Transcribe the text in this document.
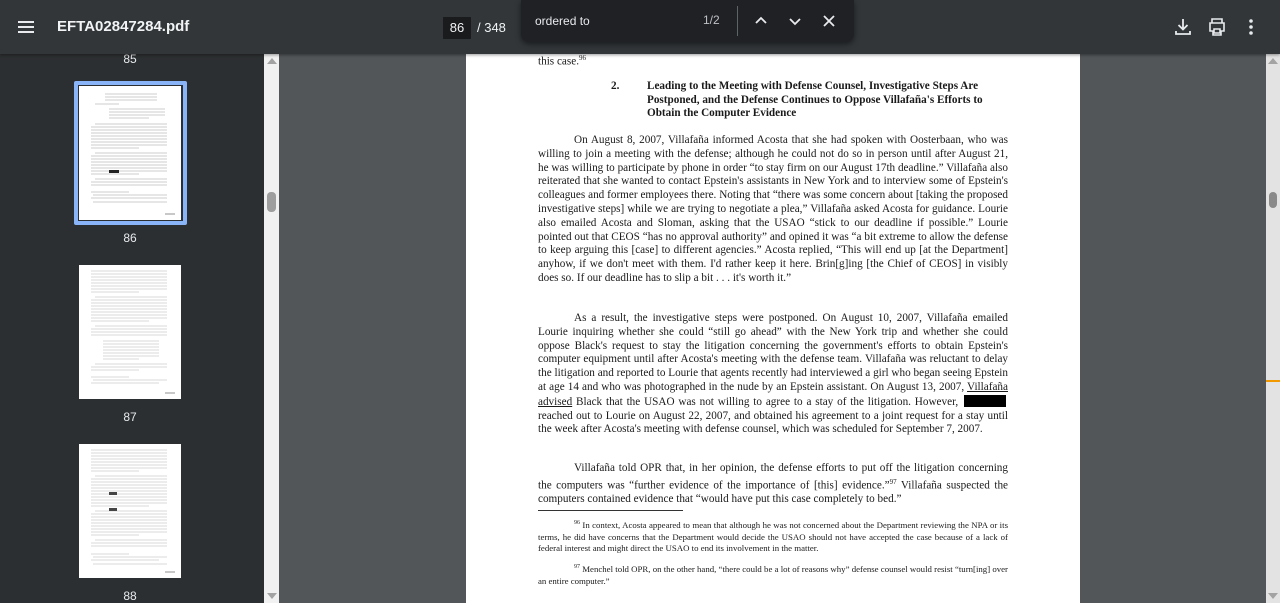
EFTA02847284.pdf
86	/ 348
ordered to	1/2
85
86
87
88
this case.$^{96}$
2. Leading to the Meeting with Defense Counsel, Investigative Steps Are Postponed, and the Defense Continues to Oppose Villafaña's Efforts to Obtain the Computer Evidence
On August 8, 2007, Villafaña informed Acosta that she had spoken with Oosterbaan, who was willing to join a meeting with the defense; although he could not do so in person until after August 21, he was willing to participate by phone in order “to stay firm on our August 17th deadline.” Villafaña also reiterated that she wanted to contact Epstein's assistants in New York and to interview some of Epstein's colleagues and former employees there. Noting that “there was some concern about [taking the proposed investigative steps] while we are trying to negotiate a plea,” Villafaña asked Acosta for guidance. Lourie also emailed Acosta and Sloman, asking that the USAO “stick to our deadline if possible.” Lourie pointed out that CEOS “has no approval authority” and opined it was “a bit extreme to allow the defense to keep arguing this [case] to different agencies.” Acosta replied, “This will end up [at the Department] anyhow, if we don't meet with them. I'd rather keep it here. Brin[g]ing [the Chief of CEOS] in visibly does so. If our deadline has to slip a bit . . . it's worth it.”
As a result, the investigative steps were postponed. On August 10, 2007, Villafaña emailed Lourie inquiring whether she could “still go ahead” with the New York trip and whether she could oppose Black's request to stay the litigation concerning the government's efforts to obtain Epstein's computer equipment until after Acosta's meeting with the defense team. Villafaña was reluctant to delay the litigation and reported to Lourie that agents recently had interviewed a girl who began seeing Epstein at age 14 and who was photographed in the nude by an Epstein assistant. On August 13, 2007, Villafaña advised Black that the USAO was not willing to agree to a stay of the litigation. However,  reached out to Lourie on August 22, 2007, and obtained his agreement to a joint request for a stay until the week after Acosta's meeting with defense counsel, which was scheduled for September 7, 2007.
Villafaña told OPR that, in her opinion, the defense efforts to put off the litigation concerning the computers was “further evidence of the importance of [this] evidence.”$^{97}$ Villafaña suspected the computers contained evidence that “would have put this case completely to bed.”
$^{96}$ In context, Acosta appeared to mean that although he was not concerned about the Department reviewing the NPA or its terms, he did have concerns that the Department would decide the USAO should not have accepted the case because of a lack of federal interest and might direct the USAO to end its involvement in the matter.
$^{97}$ Menchel told OPR, on the other hand, “there could be a lot of reasons why” defense counsel would resist “turn[ing] over an entire computer.”
